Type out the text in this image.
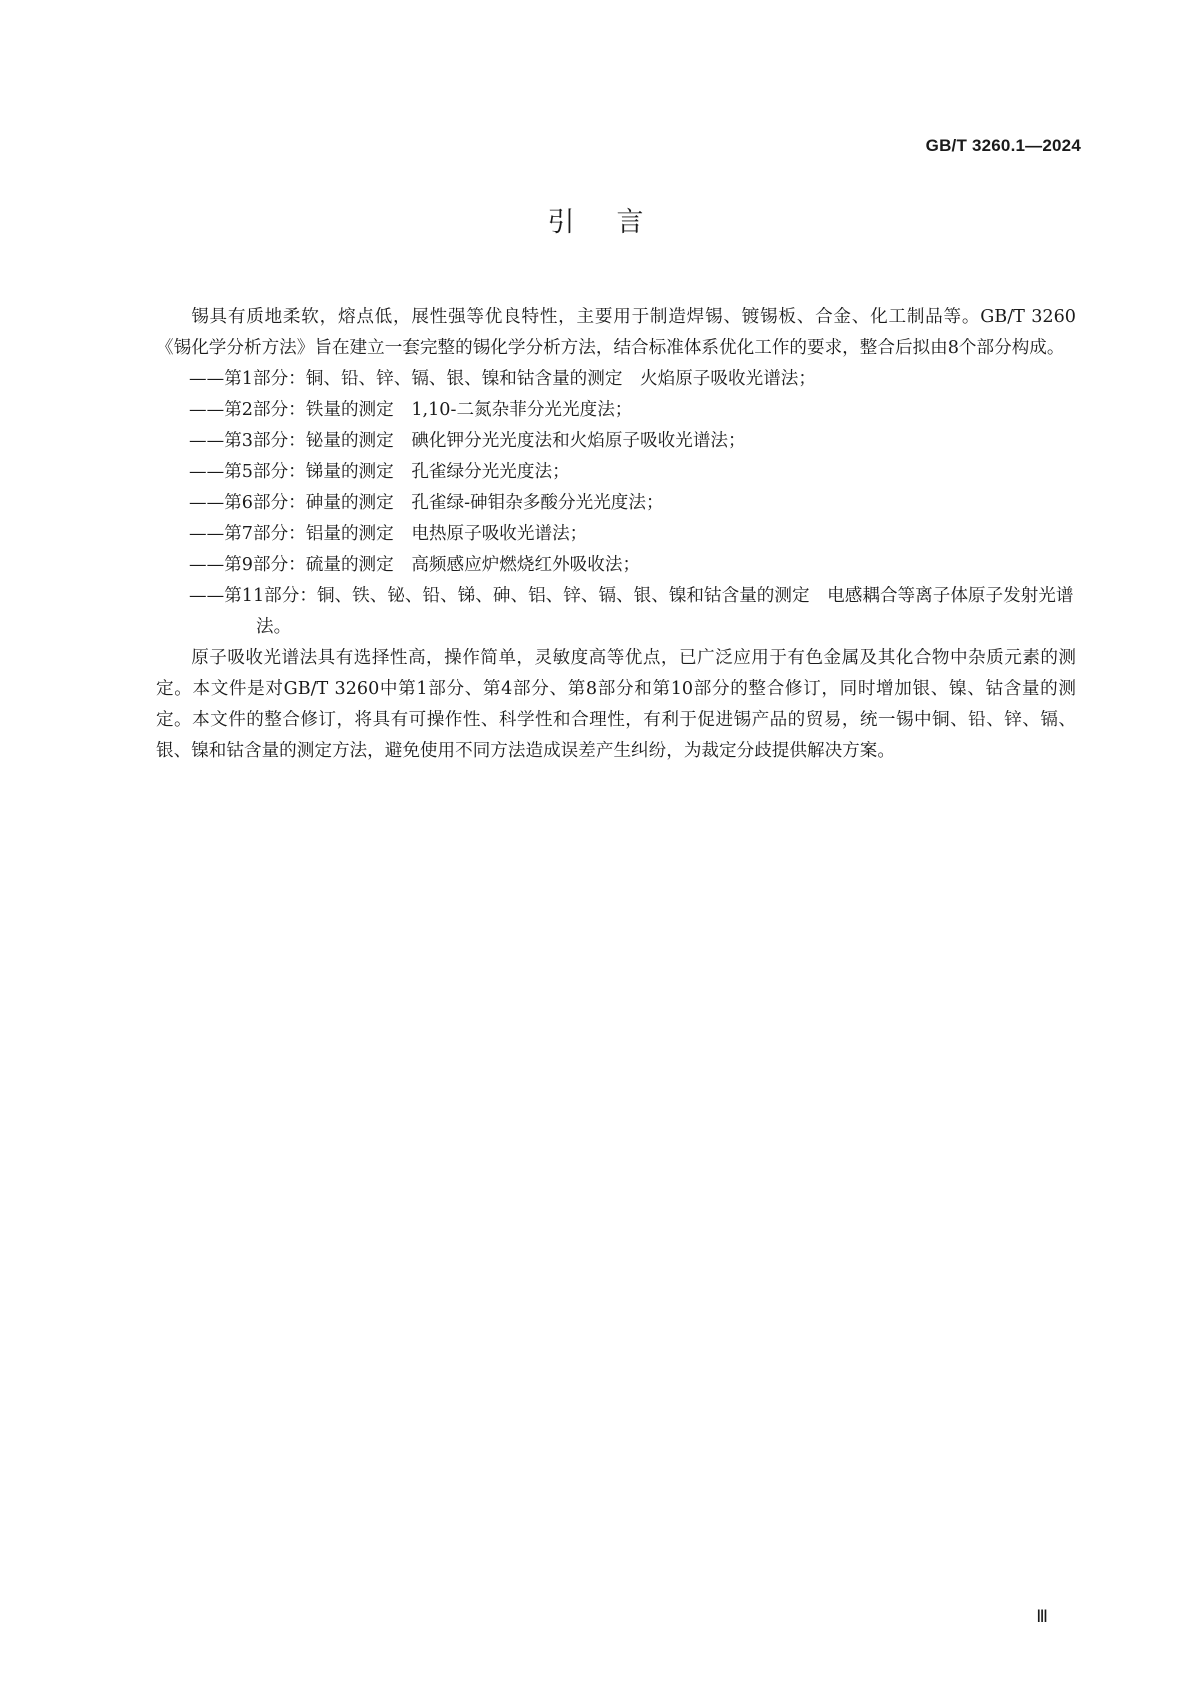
GB/T 3260.1—2024
引言

锡具有质地柔软，熔点低，展性强等优良特性，主要用于制造焊锡、镀锡板、合金、化工制品等。GB/T 3260《锡化学分析方法》旨在建立一套完整的锡化学分析方法，结合标准体系优化工作的要求，整合后拟由8个部分构成。

——第1部分：铜、铅、锌、镉、银、镍和钴含量的测定　火焰原子吸收光谱法；
——第2部分：铁量的测定　1,10-二氮杂菲分光光度法；
——第3部分：铋量的测定　碘化钾分光光度法和火焰原子吸收光谱法；
——第5部分：锑量的测定　孔雀绿分光光度法；
——第6部分：砷量的测定　孔雀绿-砷钼杂多酸分光光度法；
——第7部分：铝量的测定　电热原子吸收光谱法；
——第9部分：硫量的测定　高频感应炉燃烧红外吸收法；
——第11部分：铜、铁、铋、铅、锑、砷、铝、锌、镉、银、镍和钴含量的测定　电感耦合等离子体原子发射光谱法。

原子吸收光谱法具有选择性高，操作简单，灵敏度高等优点，已广泛应用于有色金属及其化合物中杂质元素的测定。本文件是对GB/T 3260中第1部分、第4部分、第8部分和第10部分的整合修订，同时增加银、镍、钴含量的测定。本文件的整合修订，将具有可操作性、科学性和合理性，有利于促进锡产品的贸易，统一锡中铜、铅、锌、镉、银、镍和钴含量的测定方法，避免使用不同方法造成误差产生纠纷，为裁定分歧提供解决方案。

Ⅲ
